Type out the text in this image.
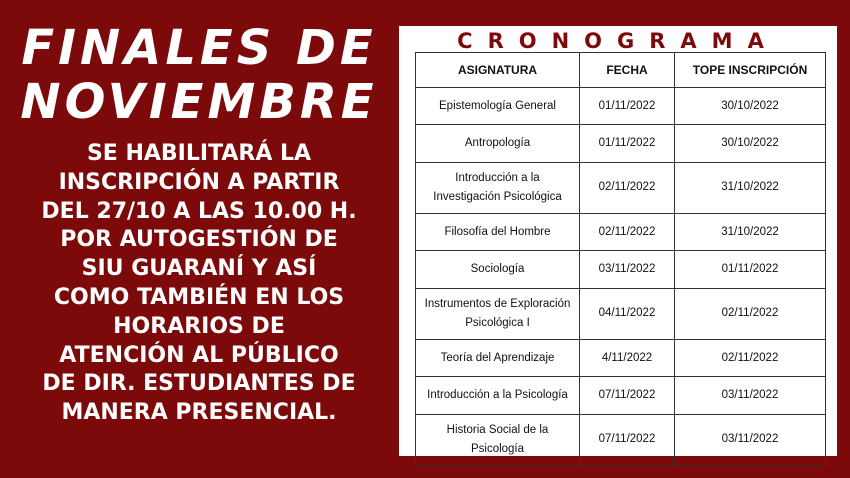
FINALES DE
NOVIEMBRE

SE HABILITARÁ LA
INSCRIPCIÓN A PARTIR
DEL 27/10 A LAS 10.00 H.
POR AUTOGESTIÓN DE
SIU GUARANÍ Y ASÍ
COMO TAMBIÉN EN LOS
HORARIOS DE
ATENCIÓN AL PÚBLICO
DE DIR. ESTUDIANTES DE
MANERA PRESENCIAL.

CRONOGRAMA
ASIGNATURA	FECHA	TOPE INSCRIPCIÓN

Epistemología General	01/11/2022	30/10/2022

Antropología	01/11/2022	30/10/2022

Introducción a la
Investigación Psicológica	02/11/2022	31/10/2022

Filosofía del Hombre	02/11/2022	31/10/2022

Sociología	03/11/2022	01/11/2022

Instrumentos de Exploración
Psicológica I	04/11/2022	02/11/2022

Teoría del Aprendizaje	4/11/2022	02/11/2022

Introducción a la Psicología	07/11/2022	03/11/2022

Historia Social de la
Psicología	07/11/2022	03/11/2022
